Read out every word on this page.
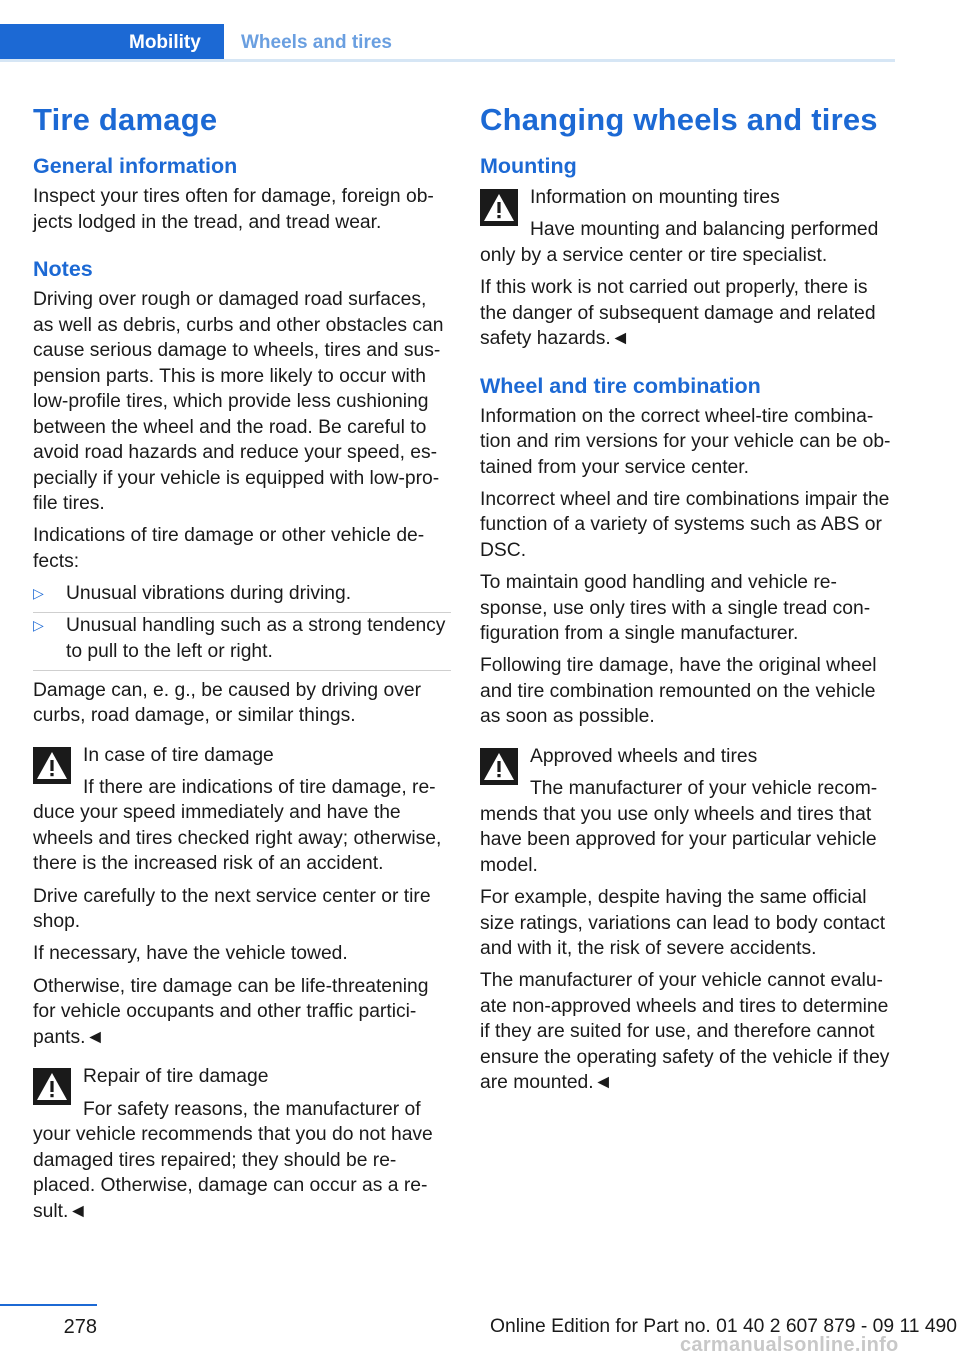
Mobility	Wheels and tires
Tire damage
General information

Inspect your tires often for damage, foreign ob-jects lodged in the tread, and tread wear.

Notes

Driving over rough or damaged road surfaces, as well as debris, curbs and other obstacles can cause serious damage to wheels, tires and sus-pension parts. This is more likely to occur with low-profile tires, which provide less cushioning between the wheel and the road. Be careful to avoid road hazards and reduce your speed, es-pecially if your vehicle is equipped with low-pro-file tires.

Indications of tire damage or other vehicle de-fects:

▷ Unusual vibrations during driving.
▷ Unusual handling such as a strong tendency to pull to the left or right.

Damage can, e. g., be caused by driving over curbs, road damage, or similar things.

In case of tire damage

If there are indications of tire damage, re-duce your speed immediately and have the wheels and tires checked right away; otherwise, there is the increased risk of an accident.

Drive carefully to the next service center or tire shop.

If necessary, have the vehicle towed.

Otherwise, tire damage can be life-threatening for vehicle occupants and other traffic partici-pants.◄

Repair of tire damage

For safety reasons, the manufacturer of your vehicle recommends that you do not have damaged tires repaired; they should be re-placed. Otherwise, damage can occur as a re-sult.◄

Changing wheels and tires
Mounting

Information on mounting tires

Have mounting and balancing performed only by a service center or tire specialist.

If this work is not carried out properly, there is the danger of subsequent damage and related safety hazards.◄

Wheel and tire combination

Information on the correct wheel-tire combina-tion and rim versions for your vehicle can be ob-tained from your service center.

Incorrect wheel and tire combinations impair the function of a variety of systems such as ABS or DSC.

To maintain good handling and vehicle re-sponse, use only tires with a single tread con-figuration from a single manufacturer.

Following tire damage, have the original wheel and tire combination remounted on the vehicle as soon as possible.

Approved wheels and tires

The manufacturer of your vehicle recom-mends that you use only wheels and tires that have been approved for your particular vehicle model.

For example, despite having the same official size ratings, variations can lead to body contact and with it, the risk of severe accidents.

The manufacturer of your vehicle cannot evalu-ate non-approved wheels and tires to determine if they are suited for use, and therefore cannot ensure the operating safety of the vehicle if they are mounted.◄

278	Online Edition for Part no. 01 40 2 607 879 - 09 11 490
carmanualsonline.info
